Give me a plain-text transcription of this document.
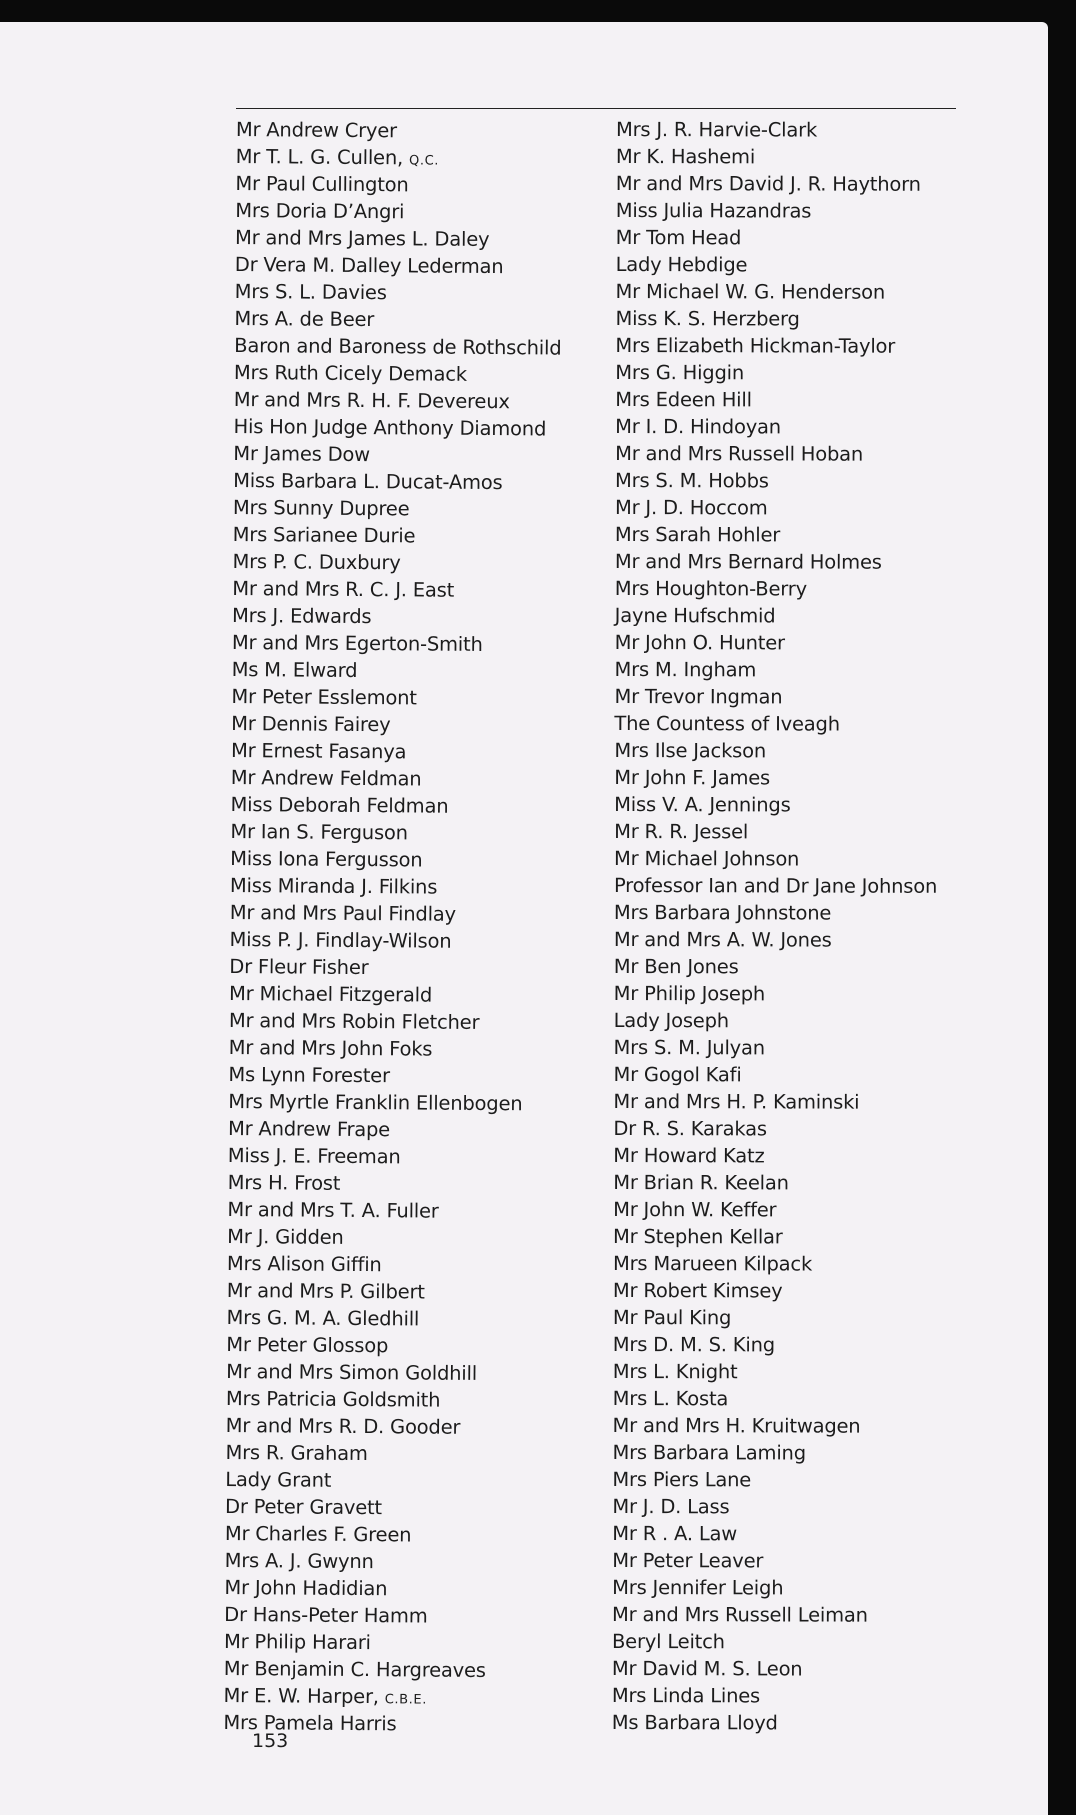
Mr Andrew Cryer
Mr T. L. G. Cullen, Q.C.
Mr Paul Cullington
Mrs Doria D’Angri
Mr and Mrs James L. Daley
Dr Vera M. Dalley Lederman
Mrs S. L. Davies
Mrs A. de Beer
Baron and Baroness de Rothschild
Mrs Ruth Cicely Demack
Mr and Mrs R. H. F. Devereux
His Hon Judge Anthony Diamond
Mr James Dow
Miss Barbara L. Ducat-Amos
Mrs Sunny Dupree
Mrs Sarianee Durie
Mrs P. C. Duxbury
Mr and Mrs R. C. J. East
Mrs J. Edwards
Mr and Mrs Egerton-Smith
Ms M. Elward
Mr Peter Esslemont
Mr Dennis Fairey
Mr Ernest Fasanya
Mr Andrew Feldman
Miss Deborah Feldman
Mr Ian S. Ferguson
Miss Iona Fergusson
Miss Miranda J. Filkins
Mr and Mrs Paul Findlay
Miss P. J. Findlay-Wilson
Dr Fleur Fisher
Mr Michael Fitzgerald
Mr and Mrs Robin Fletcher
Mr and Mrs John Foks
Ms Lynn Forester
Mrs Myrtle Franklin Ellenbogen
Mr Andrew Frape
Miss J. E. Freeman
Mrs H. Frost
Mr and Mrs T. A. Fuller
Mr J. Gidden
Mrs Alison Giffin
Mr and Mrs P. Gilbert
Mrs G. M. A. Gledhill
Mr Peter Glossop
Mr and Mrs Simon Goldhill
Mrs Patricia Goldsmith
Mr and Mrs R. D. Gooder
Mrs R. Graham
Lady Grant
Dr Peter Gravett
Mr Charles F. Green
Mrs A. J. Gwynn
Mr John Hadidian
Dr Hans-Peter Hamm
Mr Philip Harari
Mr Benjamin C. Hargreaves
Mr E. W. Harper, C.B.E.
Mrs Pamela Harris
Mrs J. R. Harvie-Clark
Mr K. Hashemi
Mr and Mrs David J. R. Haythorn
Miss Julia Hazandras
Mr Tom Head
Lady Hebdige
Mr Michael W. G. Henderson
Miss K. S. Herzberg
Mrs Elizabeth Hickman-Taylor
Mrs G. Higgin
Mrs Edeen Hill
Mr I. D. Hindoyan
Mr and Mrs Russell Hoban
Mrs S. M. Hobbs
Mr J. D. Hoccom
Mrs Sarah Hohler
Mr and Mrs Bernard Holmes
Mrs Houghton-Berry
Jayne Hufschmid
Mr John O. Hunter
Mrs M. Ingham
Mr Trevor Ingman
The Countess of Iveagh
Mrs Ilse Jackson
Mr John F. James
Miss V. A. Jennings
Mr R. R. Jessel
Mr Michael Johnson
Professor Ian and Dr Jane Johnson
Mrs Barbara Johnstone
Mr and Mrs A. W. Jones
Mr Ben Jones
Mr Philip Joseph
Lady Joseph
Mrs S. M. Julyan
Mr Gogol Kafi
Mr and Mrs H. P. Kaminski
Dr R. S. Karakas
Mr Howard Katz
Mr Brian R. Keelan
Mr John W. Keffer
Mr Stephen Kellar
Mrs Marueen Kilpack
Mr Robert Kimsey
Mr Paul King
Mrs D. M. S. King
Mrs L. Knight
Mrs L. Kosta
Mr and Mrs H. Kruitwagen
Mrs Barbara Laming
Mrs Piers Lane
Mr J. D. Lass
Mr R . A. Law
Mr Peter Leaver
Mrs Jennifer Leigh
Mr and Mrs Russell Leiman
Beryl Leitch
Mr David M. S. Leon
Mrs Linda Lines
Ms Barbara Lloyd
153
